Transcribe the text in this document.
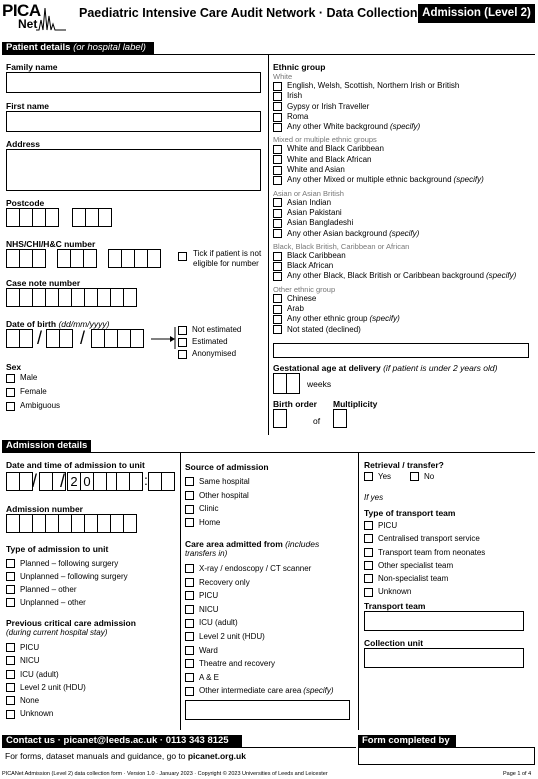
PICA
Net
Paediatric Intensive Care Audit Network · Data Collection Admission (Level 2)
Patient details (or hospital label)
Family name
First name
Address
Postcode
NHS/CHI/H&C number
Tick if patient is not
eligible for number
Case note number
Date of birth (dd/mm/yyyy)
/ /	Not estimated
Estimated
Anonymised
Sex
Male
Female
Ambiguous
Ethnic group
White
English, Welsh, Scottish, Northern Irish or British
Irish
Gypsy or Irish Traveller
Roma
Any other White background (specify)
Mixed or multiple ethnic groups
White and Black Caribbean
White and Black African
White and Asian
Any other Mixed or multiple ethnic background (specify)
Asian or Asian British
Asian Indian
Asian Pakistani
Asian Bangladeshi
Any other Asian background (specify)
Black, Black British, Caribbean or African
Black Caribbean
Black African
Any other Black, Black British or Caribbean background (specify)
Other ethnic group
Chinese
Arab
Any other ethnic group (specify)
Not stated (declined)
Gestational age at delivery (if patient is under 2 years old)
weeks
Birth order
of
Multiplicity
Admission details
Date and time of admission to unit
/ / 2 0	:
Admission number
Type of admission to unit
Planned – following surgery
Unplanned – following surgery
Planned – other
Unplanned – other
Previous critical care admission
(during current hospital stay)
PICU
NICU
ICU (adult)
Level 2 unit (HDU)
None
Unknown
Source of admission
Same hospital
Other hospital
Clinic
Home
Care area admitted from (includes
transfers in)
X-ray / endoscopy / CT scanner
Recovery only
PICU
NICU
ICU (adult)
Level 2 unit (HDU)
Ward
Theatre and recovery
A & E
Other intermediate care area (specify)
Retrieval / transfer?
Yes	No
If yes
Type of transport team
PICU
Centralised transport service
Transport team from neonates
Other specialist team
Non-specialist team
Unknown
Transport team
Collection unit
Contact us · picanet@leeds.ac.uk · 0113 343 8125
For forms, dataset manuals and guidance, go to picanet.org.uk
Form completed by
PICANet Admission (Level 2) data collection form · Version 1.0 · January 2023 · Copyright © 2023 Universities of Leeds and Leicester	Page 1 of 4
